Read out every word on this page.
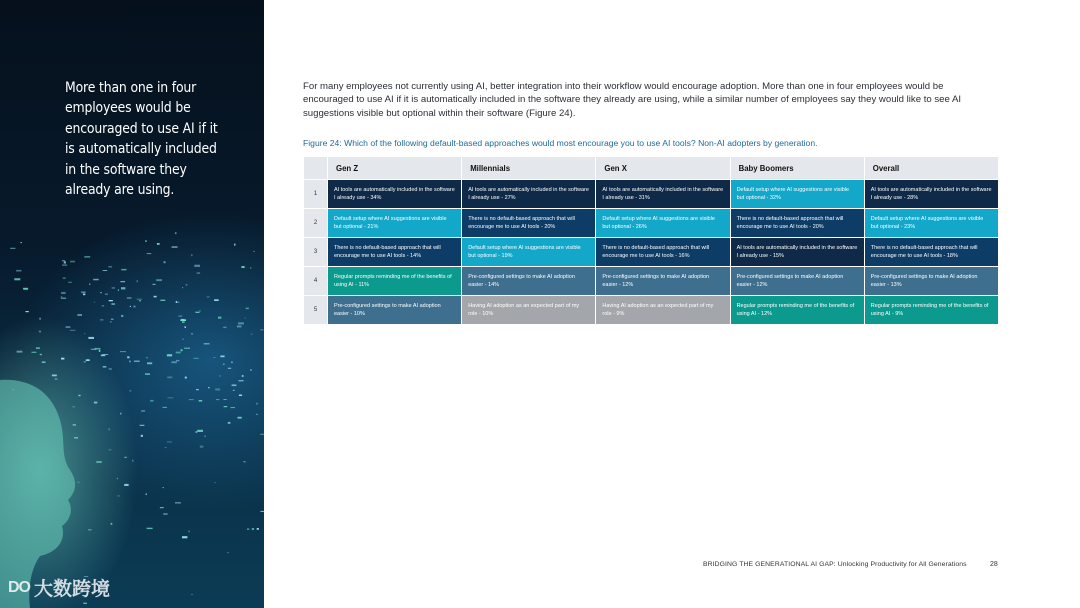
More than one in four
employees would be
encouraged to use AI if it
is automatically included
in the software they
already are using.
DO 大数跨境
For many employees not currently using AI, better integration into their workflow would encourage adoption. More than one in four employees would be encouraged to use AI if it is automatically included in the software they already are using, while a similar number of employees say they would like to see AI suggestions visible but optional within their software (Figure 24).
Figure 24: Which of the following default-based approaches would most encourage you to use AI tools? Non-AI adopters by generation.
	Gen Z	Millennials	Gen X	Baby Boomers	Overall
1	AI tools are automatically included in the software I already use - 34%	AI tools are automatically included in the software I already use - 27%	AI tools are automatically included in the software I already use - 31%	Default setup where AI suggestions are visible but optional - 32%	AI tools are automatically included in the software I already use - 28%
2	Default setup where AI suggestions are visible but optional - 21%	There is no default-based approach that will encourage me to use AI tools - 20%	Default setup where AI suggestions are visible but optional - 26%	There is no default-based approach that will encourage me to use AI tools - 20%	Default setup where AI suggestions are visible but optional - 23%
3	There is no default-based approach that will encourage me to use AI tools - 14%	Default setup where AI suggestions are visible but optional - 19%	There is no default-based approach that will encourage me to use AI tools - 16%	AI tools are automatically included in the software I already use - 15%	There is no default-based approach that will encourage me to use AI tools - 18%
4	Regular prompts reminding me of the benefits of using AI - 11%	Pre-configured settings to make AI adoption easier - 14%	Pre-configured settings to make AI adoption easier - 12%	Pre-configured settings to make AI adoption easier - 12%	Pre-configured settings to make AI adoption easier - 13%
5	Pre-configured settings to make AI adoption easier - 10%	Having AI adoption as an expected part of my role - 10%	Having AI adoption as an expected part of my role - 9%	Regular prompts reminding me of the benefits of using AI - 12%	Regular prompts reminding me of the benefits of using AI - 9%
BRIDGING THE GENERATIONAL AI GAP: Unlocking Productivity for All Generations	28
